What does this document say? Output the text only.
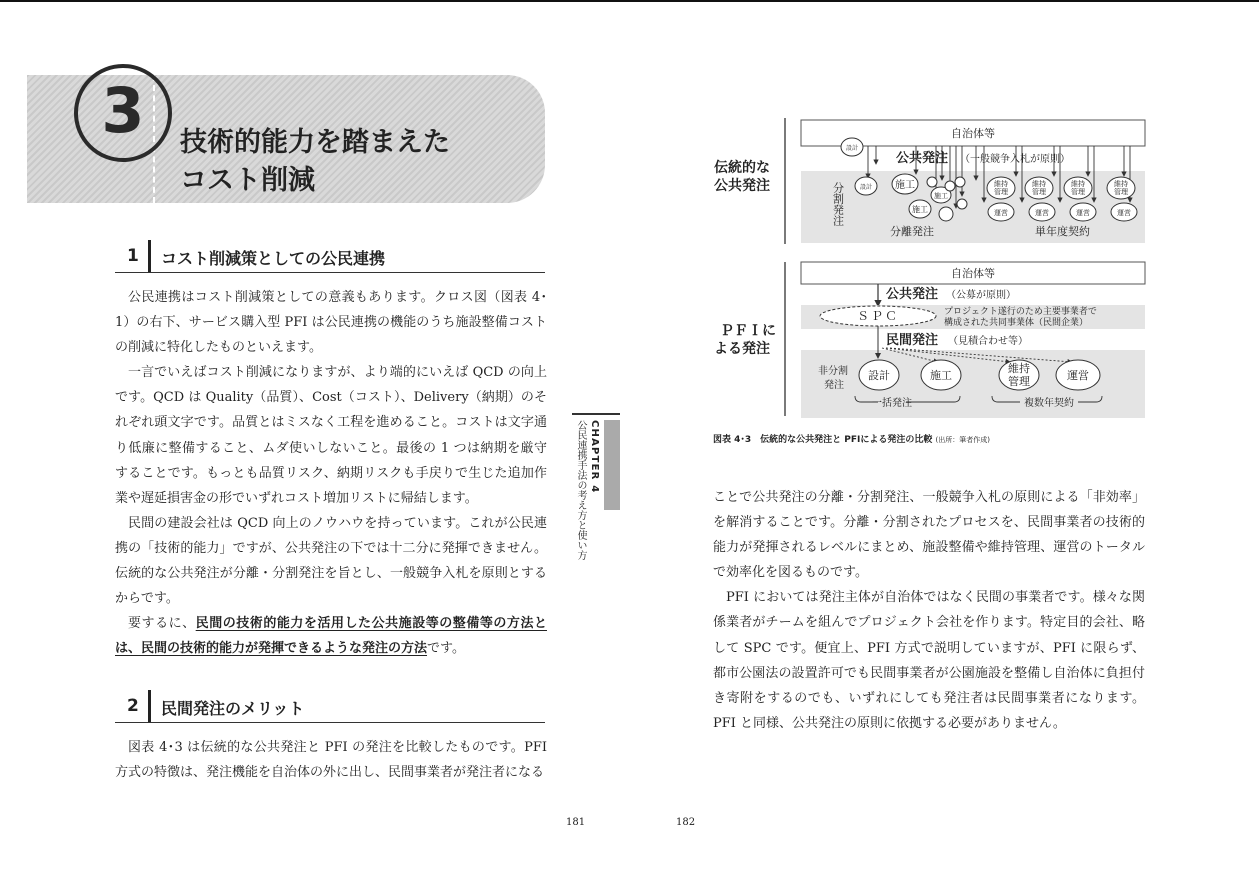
3	技術的能力を踏まえた
コスト削減
1 コスト削減策としての公民連携

公民連携はコスト削減策としての意義もあります。クロス図（図表 4･1）の右下、サービス購入型 PFI は公民連携の機能のうち施設整備コストの削減に特化したものといえます。

一言でいえばコスト削減になりますが、より端的にいえば QCD の向上です。QCD は Quality（品質）、Cost（コスト）、Delivery（納期）のそれぞれ頭文字です。品質とはミスなく工程を進めること。コストは文字通り低廉に整備すること、ムダ使いしないこと。最後の 1 つは納期を厳守することです。もっとも品質リスク、納期リスクも手戻りで生じた追加作業や遅延損害金の形でいずれコスト増加リストに帰結します。

民間の建設会社は QCD 向上のノウハウを持っています。これが公民連携の「技術的能力」ですが、公共発注の下では十二分に発揮できません。伝統的な公共発注が分離・分割発注を旨とし、一般競争入札を原則とするからです。

要するに、民間の技術的能力を活用した公共施設等の整備等の方法とは、民間の技術的能力が発揮できるような発注の方法です。

2 民間発注のメリット

図表 4･3 は伝統的な公共発注と PFI の発注を比較したものです。PFI 方式の特徴は、発注機能を自治体の外に出し、民間事業者が発注者になる

CHAPTER 4
公民連携手法の考え方と使い方
伝統的な
公共発注
自治体等
公共発注 （一般競争入札が原則）
設計
設計 施工
施工
施工
維持
管理
維持
管理
維持
管理
維持
管理
運営	運営	運営	運営
分割発注
分離発注	単年度契約
ＰＦＩに
よる発注
自治体等
公共発注 （公募が原則）
ＳＰＣ	プロジェクト遂行のため主要事業者で
構成された共同事業体（民間企業）
民間発注 （見積合わせ等）
非分割
発注
設計	施工
維持
管理	運営
一括発注	複数年契約
図表 4･3　伝統的な公共発注と PFIによる発注の比較 (出所：筆者作成)

ことで公共発注の分離・分割発注、一般競争入札の原則による「非効率」を解消することです。分離・分割されたプロセスを、民間事業者の技術的能力が発揮されるレベルにまとめ、施設整備や維持管理、運営のトータルで効率化を図るものです。

PFI においては発注主体が自治体ではなく民間の事業者です。様々な関係業者がチームを組んでプロジェクト会社を作ります。特定目的会社、略して SPC です。便宜上、PFI 方式で説明していますが、PFI に限らず、都市公園法の設置許可でも民間事業者が公園施設を整備し自治体に負担付き寄附をするのでも、いずれにしても発注者は民間事業者になります。PFI と同様、公共発注の原則に依拠する必要がありません。

181	182
